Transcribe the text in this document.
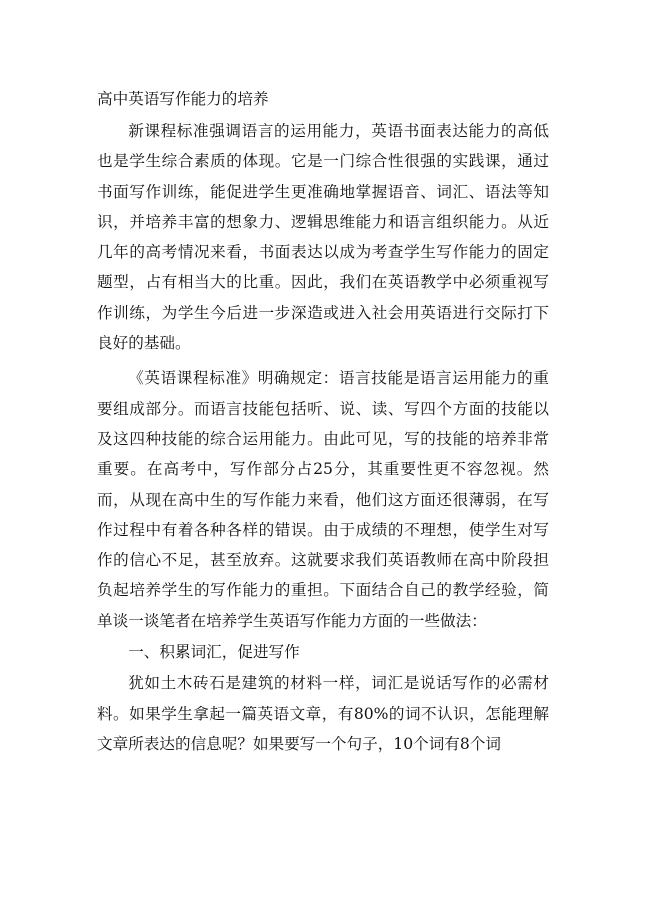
高中英语写作能力的培养

新课程标准强调语言的运用能力，英语书面表达能力的高低也是学生综合素质的体现。它是一门综合性很强的实践课，通过书面写作训练，能促进学生更准确地掌握语音、词汇、语法等知识，并培养丰富的想象力、逻辑思维能力和语言组织能力。从近几年的高考情况来看，书面表达以成为考查学生写作能力的固定题型，占有相当大的比重。因此，我们在英语教学中必须重视写作训练，为学生今后进一步深造或进入社会用英语进行交际打下良好的基础。

《英语课程标准》明确规定：语言技能是语言运用能力的重要组成部分。而语言技能包括听、说、读、写四个方面的技能以及这四种技能的综合运用能力。由此可见，写的技能的培养非常重要。在高考中，写作部分占25分，其重要性更不容忽视。然而，从现在高中生的写作能力来看，他们这方面还很薄弱，在写作过程中有着各种各样的错误。由于成绩的不理想，使学生对写作的信心不足，甚至放弃。这就要求我们英语教师在高中阶段担负起培养学生的写作能力的重担。下面结合自己的教学经验，简单谈一谈笔者在培养学生英语写作能力方面的一些做法：

一、积累词汇，促进写作

犹如土木砖石是建筑的材料一样，词汇是说话写作的必需材料。如果学生拿起一篇英语文章，有80%的词不认识，怎能理解文章所表达的信息呢？如果要写一个句子，10个词有8个词
